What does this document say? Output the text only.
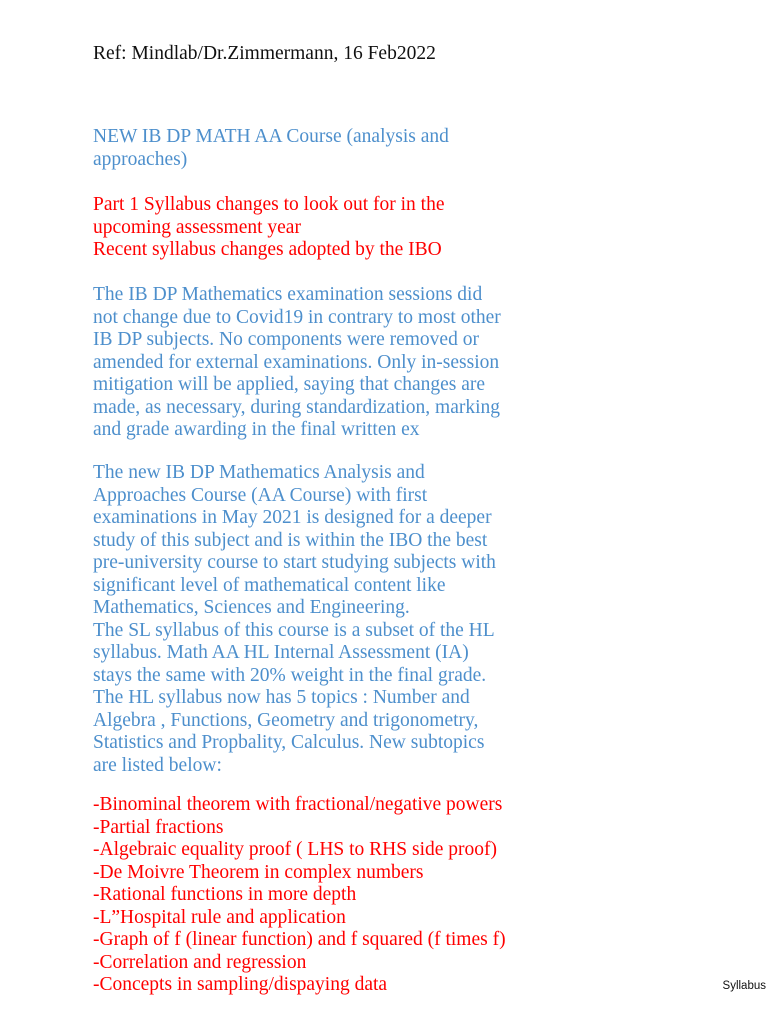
Ref: Mindlab/Dr.Zimmermann, 16 Feb2022
NEW IB DP MATH AA Course (analysis and
approaches)
Part 1 Syllabus changes to look out for in the
upcoming assessment year
Recent syllabus changes adopted by the IBO
The IB DP Mathematics examination sessions did
not change due to Covid19 in contrary to most other
IB DP subjects. No components were removed or
amended for external examinations. Only in-session
mitigation will be applied, saying that changes are
made, as necessary, during standardization, marking
and grade awarding in the final written ex
The new IB DP Mathematics Analysis and
Approaches Course (AA Course) with first
examinations in May 2021 is designed for a deeper
study of this subject and is within the IBO the best
pre-university course to start studying subjects with
significant level of mathematical content like
Mathematics, Sciences and Engineering.
The SL syllabus of this course is a subset of the HL
syllabus. Math AA HL Internal Assessment (IA)
stays the same with 20% weight in the final grade.
The HL syllabus now has 5 topics : Number and
Algebra , Functions, Geometry and trigonometry,
Statistics and Propbality, Calculus. New subtopics
are listed below:
-Binominal theorem with fractional/negative powers
-Partial fractions
-Algebraic equality proof ( LHS to RHS side proof)
-De Moivre Theorem in complex numbers
-Rational functions in more depth
-L”Hospital rule and application
-Graph of f (linear function) and f squared (f times f)
-Correlation and regression
-Concepts in sampling/dispaying data	Syllabus
